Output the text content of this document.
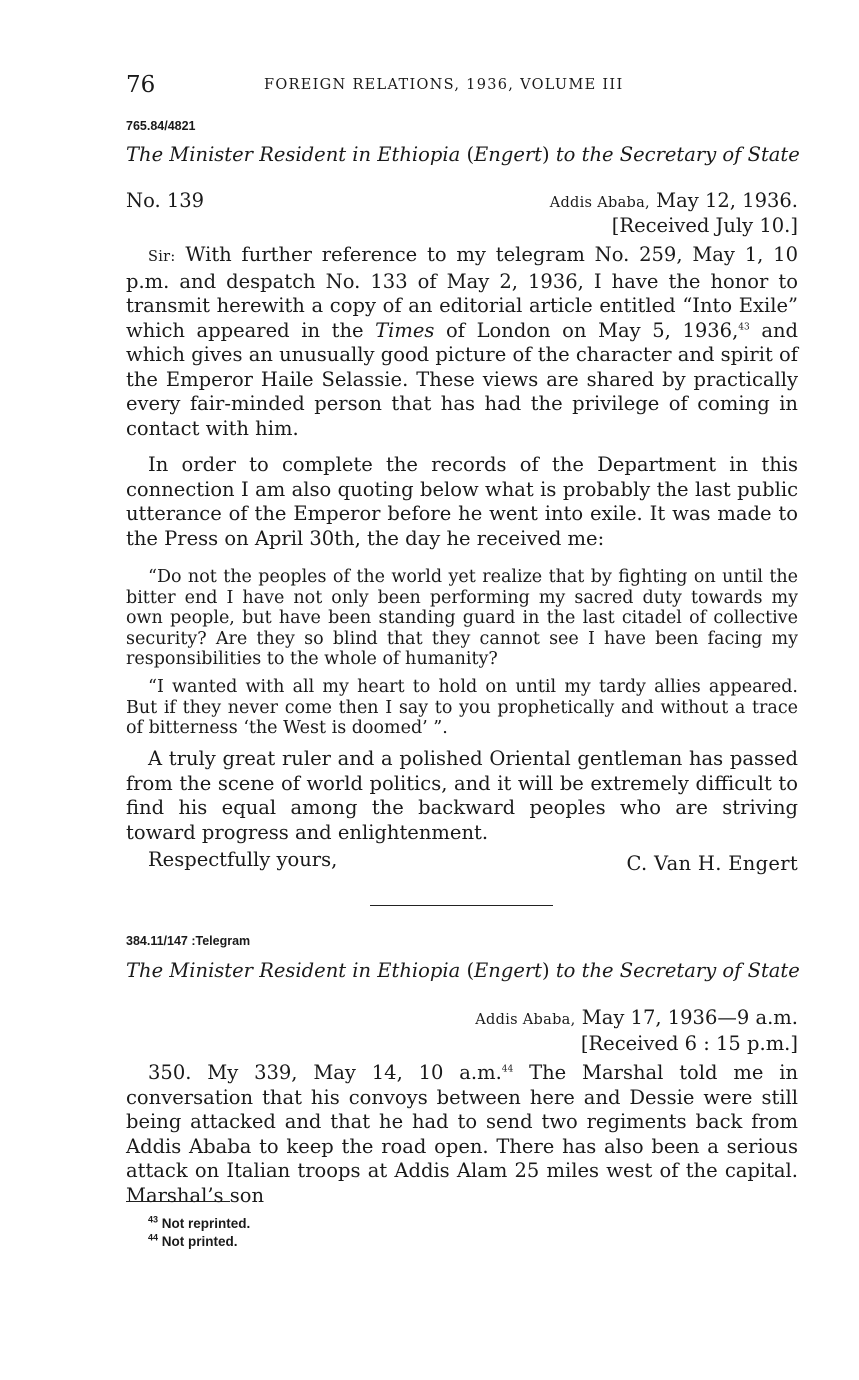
76	FOREIGN RELATIONS, 1936, VOLUME III
765.84/4821
The Minister Resident in Ethiopia (Engert) to the Secretary of State
No. 139	Addis Ababa, May 12, 1936.
[Received July 10.]

Sir: With further reference to my telegram No. 259, May 1, 10 p.m. and despatch No. 133 of May 2, 1936, I have the honor to transmit herewith a copy of an editorial article entitled “Into Exile” which appeared in the Times of London on May 5, 1936,43 and which gives an unusually good picture of the character and spirit of the Emperor Haile Selassie. These views are shared by practically every fair-minded person that has had the privilege of coming in contact with him.

In order to complete the records of the Department in this connection I am also quoting below what is probably the last public utterance of the Emperor before he went into exile. It was made to the Press on April 30th, the day he received me:

“Do not the peoples of the world yet realize that by fighting on until the bitter end I have not only been performing my sacred duty towards my own people, but have been standing guard in the last citadel of collective security? Are they so blind that they cannot see I have been facing my responsibilities to the whole of humanity?

“I wanted with all my heart to hold on until my tardy allies appeared. But if they never come then I say to you prophetically and without a trace of bitterness ‘the West is doomed’ ”.

A truly great ruler and a polished Oriental gentleman has passed from the scene of world politics, and it will be extremely difficult to find his equal among the backward peoples who are striving toward progress and enlightenment.

Respectfully yours,	C. Van H. Engert
384.11/147 :Telegram
The Minister Resident in Ethiopia (Engert) to the Secretary of State
Addis Ababa, May 17, 1936—9 a.m.
[Received 6 : 15 p.m.]

350. My 339, May 14, 10 a.m.$^{44}$ The Marshal told me in conversation that his convoys between here and Dessie were still being attacked and that he had to send two regiments back from Addis Ababa to keep the road open. There has also been a serious attack on Italian troops at Addis Alam 25 miles west of the capital. Marshal’s son

$^{43}$ Not reprinted.
$^{44}$ Not printed.
